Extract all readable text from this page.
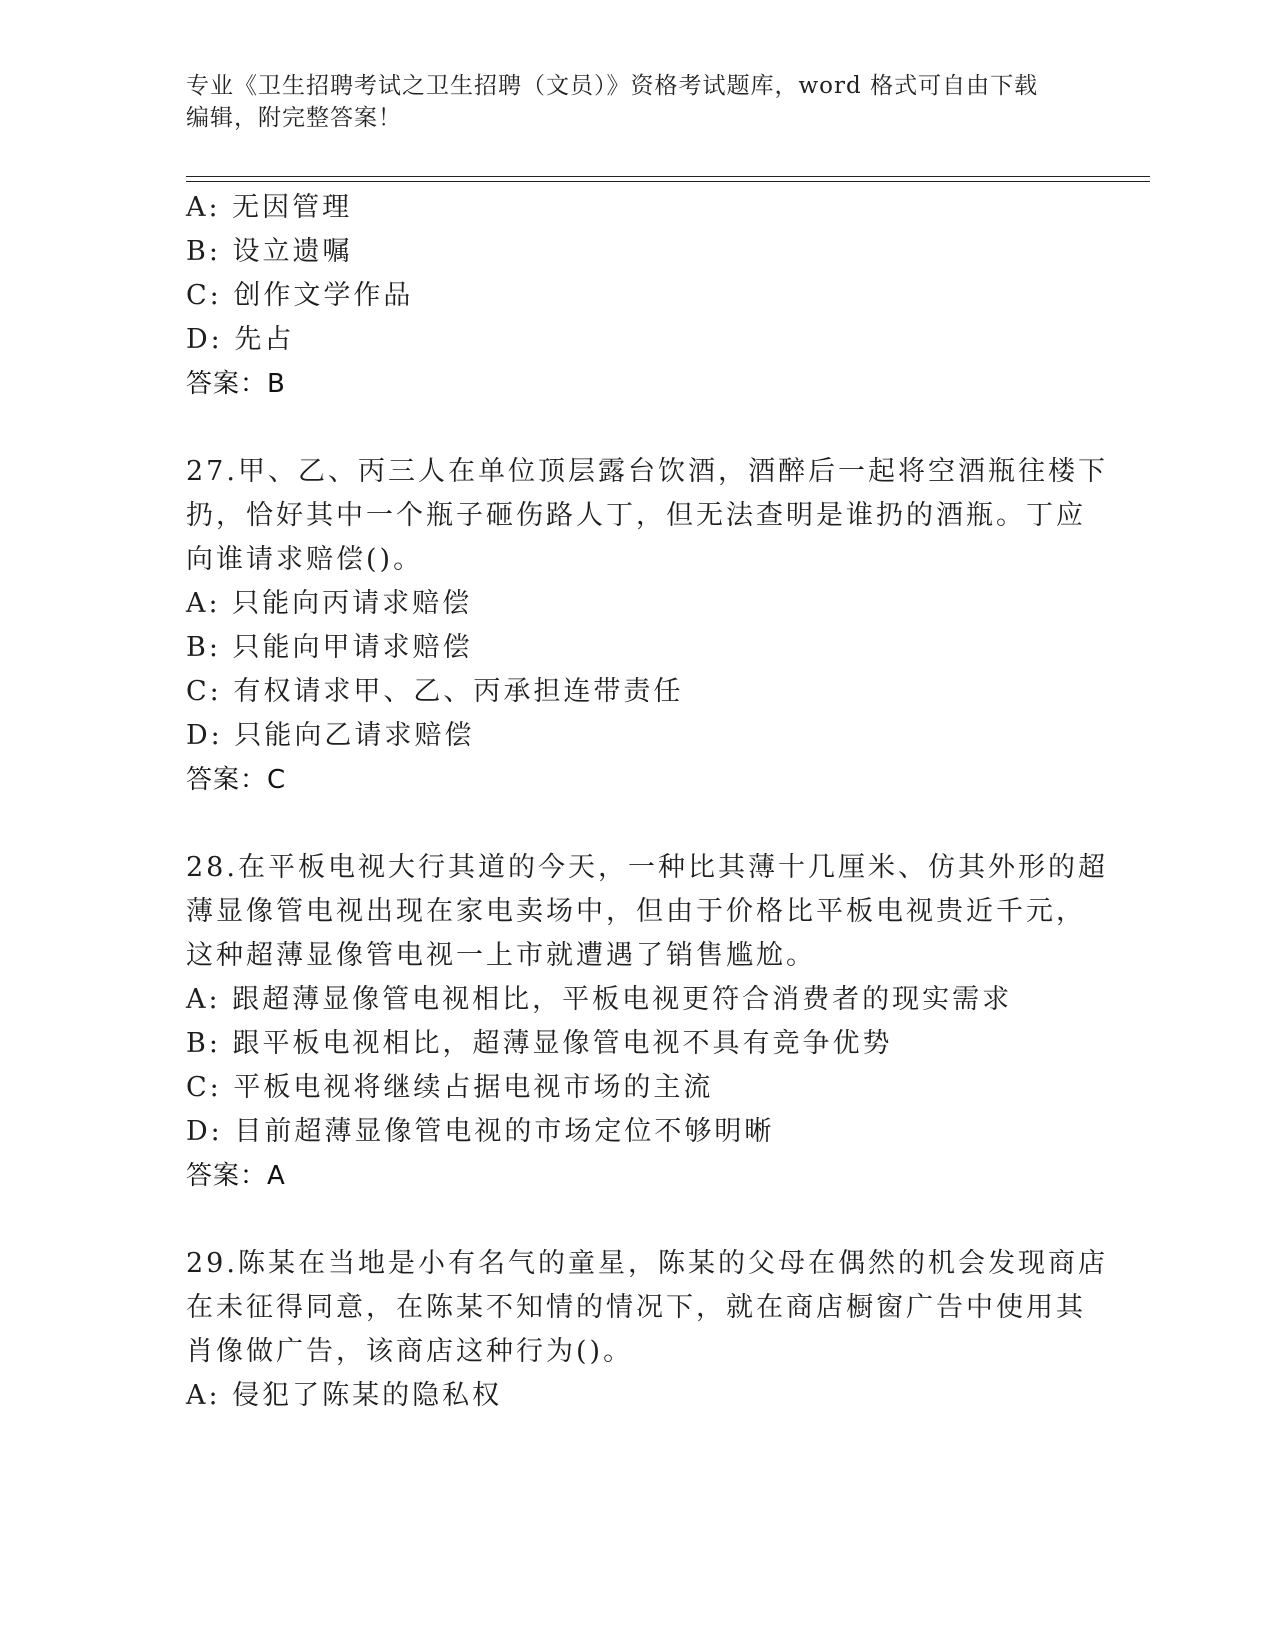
专业《卫生招聘考试之卫生招聘（文员）》资格考试题库，word 格式可自由下载
编辑，附完整答案！
A: 无因管理
B: 设立遗嘱
C: 创作文学作品
D: 先占
答案：B
27.甲、乙、丙三人在单位顶层露台饮酒，酒醉后一起将空酒瓶往楼下
扔，恰好其中一个瓶子砸伤路人丁，但无法查明是谁扔的酒瓶。丁应
向谁请求赔偿()。
A: 只能向丙请求赔偿
B: 只能向甲请求赔偿
C: 有权请求甲、乙、丙承担连带责任
D: 只能向乙请求赔偿
答案：C
28.在平板电视大行其道的今天，一种比其薄十几厘米、仿其外形的超
薄显像管电视出现在家电卖场中，但由于价格比平板电视贵近千元，
这种超薄显像管电视一上市就遭遇了销售尴尬。
A: 跟超薄显像管电视相比，平板电视更符合消费者的现实需求
B: 跟平板电视相比，超薄显像管电视不具有竞争优势
C: 平板电视将继续占据电视市场的主流
D: 目前超薄显像管电视的市场定位不够明晰
答案：A
29.陈某在当地是小有名气的童星，陈某的父母在偶然的机会发现商店
在未征得同意，在陈某不知情的情况下，就在商店橱窗广告中使用其
肖像做广告，该商店这种行为()。
A: 侵犯了陈某的隐私权
